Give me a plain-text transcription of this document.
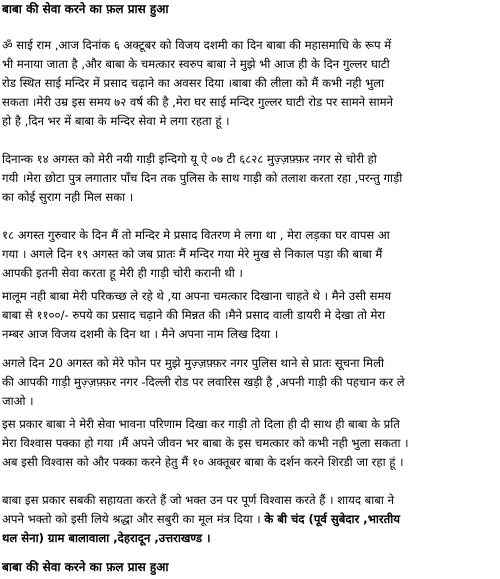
बाबा की सेवा करने का फ़ल प्रास हुआ
ॐ साई राम ,आज दिनांक ६ अक्टूबर को विजय दशमी का दिन बाबा की महासमाधि के रूप में
भी मनाया जाता है ,और बाबा के चमत्कार स्वरुप बाबा ने मुझे भी आज ही के दिन गुल्लर घाटी
रोड स्थित साई मन्दिर में प्रसाद चढ़ाने का अवसर दिया ।बाबा की लीला को मैं कभी नही भुला
सकता ।मेरी उम्र इस समय ७२ वर्ष की है ,मेरा घर साई मन्दिर गुल्लर घाटी रोड पर सामने सामने
हो है ,दिन भर में बाबा के मन्दिर सेवा मे लगा रहता हूं ।
दिनान्क १४ अगस्त को मेरी नयी गाड़ी इन्दिगो यू ऐ ०७ टी ६८२८ मुज़्ज़फ़्फ़र नगर से चोरी हो
गयी ।मेरा छोटा पुत्र लगातार पाँच दिन तक पुलिस के साथ गाड़ी को तलाश करता रहा ,परन्तु गाड़ी
का कोई सुराग नही मिल सका ।
१८ अगस्त गुरुवार के दिन मैं तो मन्दिर मे प्रसाद वितरण मे लगा था , मेरा लड़का घर वापस आ
गया । अगले दिन १९ अगस्त को जब प्रातः मैं मन्दिर गया मेरे मुख से निकाल पड़ा की बाबा मैं
आपकी इतनी सेवा करता हू मेरी ही गाड़ी चोरी करानी थी ।
मालूम नही बाबा मेरी परिकच्छ ले रहे थे ,या अपना चमत्कार दिखाना चाहते थे । मैने उसी समय
बाबा से ११००/- रुपये का प्रसाद चढ़ाने की मिन्नत की ।मैने प्रसाद वाली डायरी मे देखा तो मेरा
नम्बर आज विजय दशमी के दिन था । मैने अपना नाम लिख दिया ।
अगले दिन 20 अगस्त को मेरे फोन पर मुझे मुज़्ज़फ़्फ़र नगर पुलिस थाने से प्रातः सूचना मिली
की आपकी गाड़ी मुज़्ज़फ़्फ़र नगर -दिल्ली रोड पर लवारिस खड़ी है ,अपनी गाड़ी की पहचान कर ले
जाओ ।
इस प्रकार बाबा ने मेरी सेवा भावना परिणाम दिखा कर गाड़ी तो दिला ही दी साथ ही बाबा के प्रति
मेरा विश्वास पक्का हो गया ।मैं अपने जीवन भर बाबा के इस चमत्कार को कभी नही भुला सकता ।
अब इसी विश्वास को और पक्का करने हेतु मैं १० अक्तूबर बाबा के दर्शन करने शिरडी जा रहा हूं ।
बाबा इस प्रकार सबकी सहायता करते हैं जो भक्त उन पर पूर्ण विश्वास करते हैं । शायद बाबा ने
अपने भक्तो को इसी लिये श्रद्धा और सबुरी का मूल मंत्र दिया । के बी चंद (पूर्व सुबेदार ,भारतीय
थल सेना) ग्राम बालावाला ,देहरादून ,उत्तराखण्ड ।
बाबा की सेवा करने का फ़ल प्रास हुआ
